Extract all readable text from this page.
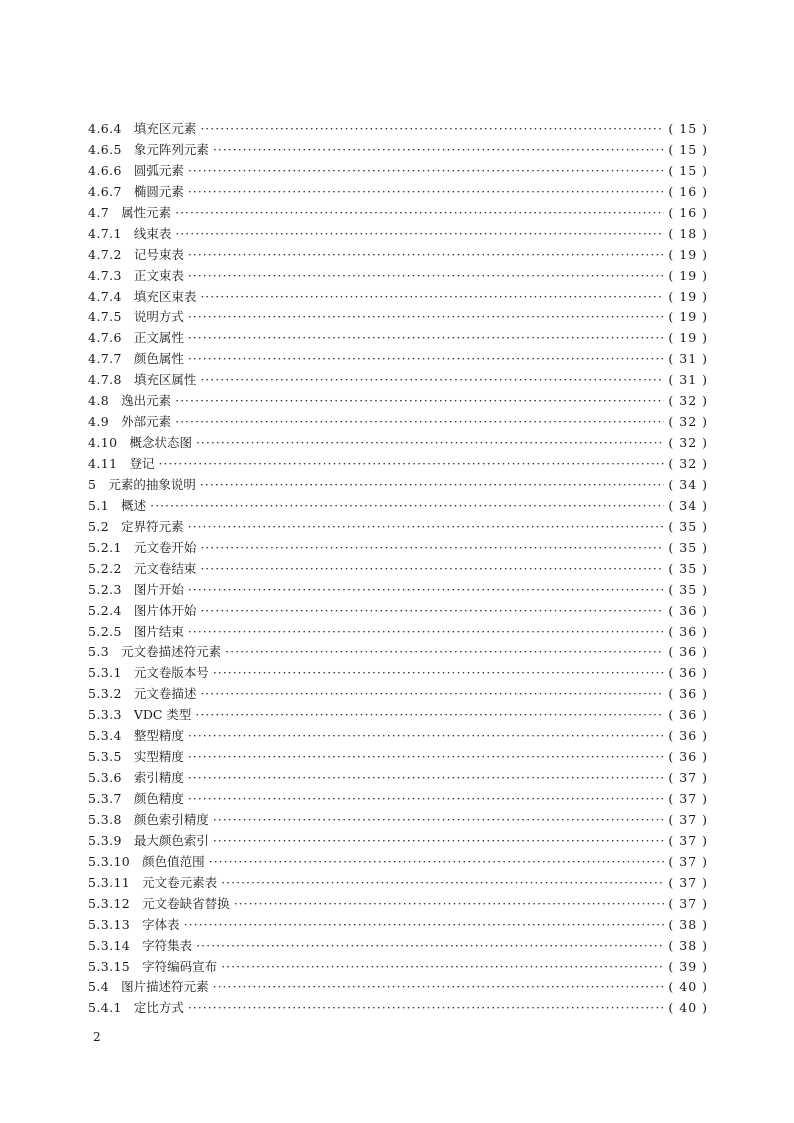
4.6.4 填充区元素 ·····	( 15 )
4.6.5 象元阵列元素 ·····	( 15 )
4.6.6 圆弧元素 ·····	( 15 )
4.6.7 椭圆元素 ·····	( 16 )
4.7 属性元素 ·····	( 16 )
4.7.1 线束表 ·····	( 18 )
4.7.2 记号束表 ·····	( 19 )
4.7.3 正文束表 ·····	( 19 )
4.7.4 填充区束表 ·····	( 19 )
4.7.5 说明方式 ·····	( 19 )
4.7.6 正文属性 ·····	( 19 )
4.7.7 颜色属性 ·····	( 31 )
4.7.8 填充区属性 ·····	( 31 )
4.8 逸出元素 ·····	( 32 )
4.9 外部元素 ·····	( 32 )
4.10 概念状态图 ·····	( 32 )
4.11 登记 ·····	( 32 )
5 元素的抽象说明 ·····	( 34 )
5.1 概述 ·····	( 34 )
5.2 定界符元素 ·····	( 35 )
5.2.1 元文卷开始 ·····	( 35 )
5.2.2 元文卷结束 ·····	( 35 )
5.2.3 图片开始 ·····	( 35 )
5.2.4 图片体开始 ·····	( 36 )
5.2.5 图片结束 ·····	( 36 )
5.3 元文卷描述符元素 ·····	( 36 )
5.3.1 元文卷版本号 ·····	( 36 )
5.3.2 元文卷描述 ·····	( 36 )
5.3.3 VDC 类型 ·····	( 36 )
5.3.4 整型精度 ·····	( 36 )
5.3.5 实型精度 ·····	( 36 )
5.3.6 索引精度 ·····	( 37 )
5.3.7 颜色精度 ·····	( 37 )
5.3.8 颜色索引精度 ·····	( 37 )
5.3.9 最大颜色索引 ·····	( 37 )
5.3.10 颜色值范围 ·····	( 37 )
5.3.11 元文卷元素表 ·····	( 37 )
5.3.12 元文卷缺省替换 ·····	( 37 )
5.3.13 字体表 ·····	( 38 )
5.3.14 字符集表 ·····	( 38 )
5.3.15 字符编码宣布 ·····	( 39 )
5.4 图片描述符元素 ·····	( 40 )
5.4.1 定比方式 ·····	( 40 )
2
